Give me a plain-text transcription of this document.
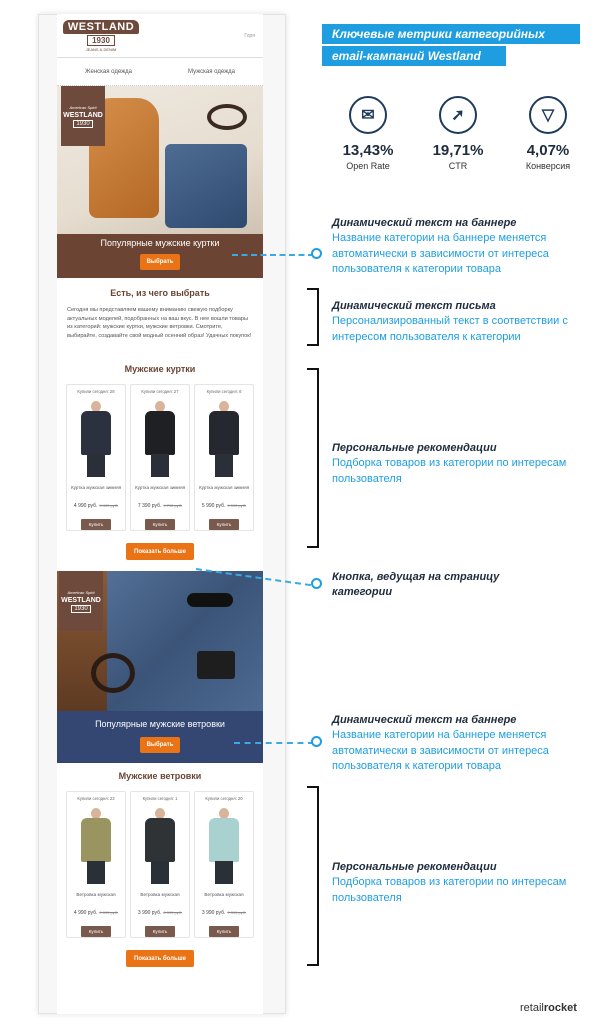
WESTLAND
1930
JEANS & DENIM
Горя
Женская одежда	Мужская одежда
American Spirit
WESTLAND
1930
Популярные мужские куртки
Выбрать
Есть, из чего выбрать
Сегодня мы представляем вашему вниманию свежую подборку актуальных моделей, подобранных на ваш вкус. В нее вошли товары из категорий: мужские куртки, мужские ветровки. Смотрите, выбирайте, создавайте свой модный осенний образ! Удачных покупок!
Мужские куртки
Купили сегодня: 28
Куртка мужская зимняя
4 990 руб. 9 490 руб.
Купить
Купили сегодня: 27
Куртка мужская зимняя
7 390 руб. 9 790 руб.
Купить
Купили сегодня: 6
Куртка мужская зимняя
5 990 руб. 9 990 руб.
Купить
Показать больше
American Spirit
WESTLAND
1930
Популярные мужские ветровки
Выбрать
Мужские ветровки
Купили сегодня: 23
Ветровка мужская
4 990 руб. 9 990 руб.
Купить
Купили сегодня: 1
Ветровка мужская
3 990 руб. 8 990 руб.
Купить
Купили сегодня: 20
Ветровка мужская
3 990 руб. 7 390 руб.
Купить
Показать больше
Ключевые метрики категорийных
email-кампаний Westland
✉
13,43%
Open Rate
➚
19,71%
CTR
▽
4,07%
Конверсия
Динамический текст на баннере
Название категории на баннере меняется автоматически в зависимости от интереса пользователя к категории товара
Динамический текст письма
Персонализированный текст в соответствии с интересом пользователя к категории
Персональные рекомендации
Подборка товаров из категории по интересам пользователя
Кнопка, ведущая на страницу категории
Динамический текст на баннере
Название категории на баннере меняется автоматически в зависимости от интереса пользователя к категории товара
Персональные рекомендации
Подборка товаров из категории по интересам пользователя
retailrocket
